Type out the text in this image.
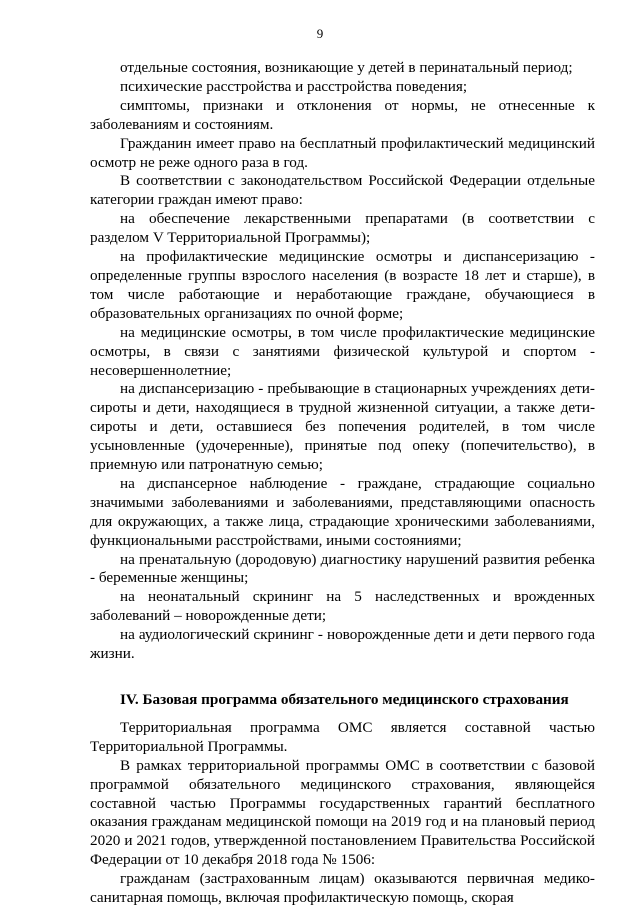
9

отдельные состояния, возникающие у детей в перинатальный период;

психические расстройства и расстройства поведения;

симптомы, признаки и отклонения от нормы, не отнесенные к заболеваниям и состояниям.

Гражданин имеет право на бесплатный профилактический медицинский осмотр не реже одного раза в год.

В соответствии с законодательством Российской Федерации отдельные категории граждан имеют право:

на обеспечение лекарственными препаратами (в соответствии с разделом V Территориальной Программы);

на профилактические медицинские осмотры и диспансеризацию - определенные группы взрослого населения (в возрасте 18 лет и старше), в том числе работающие и неработающие граждане, обучающиеся в образовательных организациях по очной форме;

на медицинские осмотры, в том числе профилактические медицинские осмотры, в связи с занятиями физической культурой и спортом - несовершеннолетние;

на диспансеризацию - пребывающие в стационарных учреждениях дети-сироты и дети, находящиеся в трудной жизненной ситуации, а также дети-сироты и дети, оставшиеся без попечения родителей, в том числе усыновленные (удочеренные), принятые под опеку (попечительство), в приемную или патронатную семью;

на диспансерное наблюдение - граждане, страдающие социально значимыми заболеваниями и заболеваниями, представляющими опасность для окружающих, а также лица, страдающие хроническими заболеваниями, функциональными расстройствами, иными состояниями;

на пренатальную (дородовую) диагностику нарушений развития ребенка - беременные женщины;

на неонатальный скрининг на 5 наследственных и врожденных заболеваний – новорожденные дети;

на аудиологический скрининг - новорожденные дети и дети первого года жизни.

IV. Базовая программа обязательного медицинского страхования

Территориальная программа ОМС является составной частью Территориальной Программы.

В рамках территориальной программы ОМС в соответствии с базовой программой обязательного медицинского страхования, являющейся составной частью Программы государственных гарантий бесплатного оказания гражданам медицинской помощи на 2019 год и на плановый период 2020 и 2021 годов, утвержденной постановлением Правительства Российской Федерации от 10 декабря 2018 года № 1506:

гражданам (застрахованным лицам) оказываются первичная медико-санитарная помощь, включая профилактическую помощь, скорая
